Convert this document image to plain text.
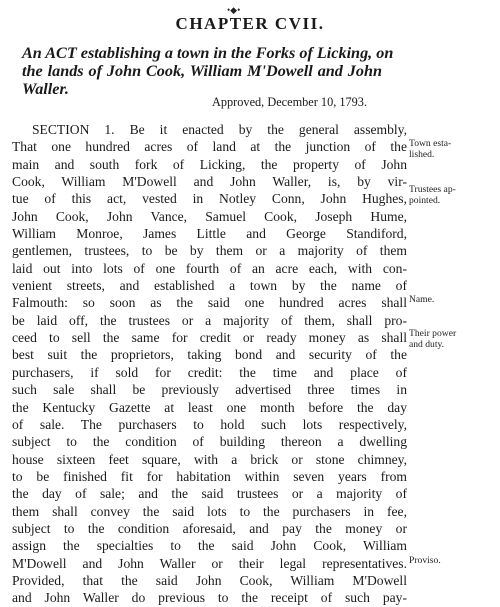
•◆•
CHAPTER CVII.
An ACT establishing a town in the Forks of Licking, on
the lands of John Cook, William M'Dowell and John
Waller.
Approved, December 10, 1793.
SECTION 1. Be it enacted by the general assembly,
That one hundred acres of land at the junction of the
main and south fork of Licking, the property of John
Cook, William M'Dowell and John Waller, is, by vir-
tue of this act, vested in Notley Conn, John Hughes,
John Cook, John Vance, Samuel Cook, Joseph Hume,
William Monroe, James Little and George Standiford,
gentlemen, trustees, to be by them or a majority of them
laid out into lots of one fourth of an acre each, with con-
venient streets, and established a town by the name of
Falmouth: so soon as the said one hundred acres shall
be laid off, the trustees or a majority of them, shall pro-
ceed to sell the same for credit or ready money as shall
best suit the proprietors, taking bond and security of the
purchasers, if sold for credit: the time and place of
such sale shall be previously advertised three times in
the Kentucky Gazette at least one month before the day
of sale. The purchasers to hold such lots respectively,
subject to the condition of building thereon a dwelling
house sixteen feet square, with a brick or stone chimney,
to be finished fit for habitation within seven years from
the day of sale; and the said trustees or a majority of
them shall convey the said lots to the purchasers in fee,
subject to the condition aforesaid, and pay the money or
assign the specialties to the said John Cook, William
M'Dowell and John Waller or their legal representatives.
Provided, that the said John Cook, William M'Dowell
and John Waller do previous to the receipt of such pay-
Town esta-
lished.
Trustees ap-
pointed.
Name.
Their power
and duty.
Proviso.
